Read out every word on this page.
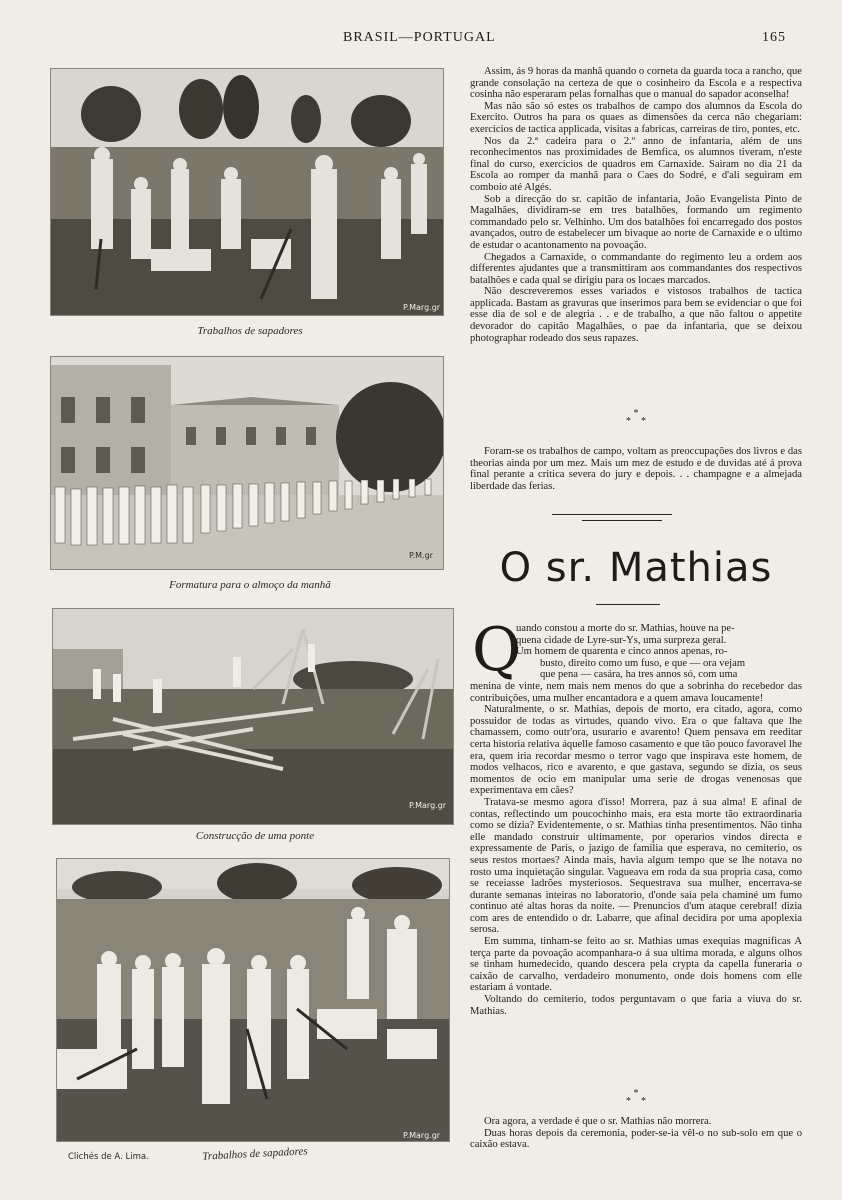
BRASIL—PORTUGAL	165
P.Marg.gr
Trabalhos de sapadores
P.M.gr
Formatura para o almoço da manhã
P.Marg.gr
Construcção de uma ponte
P.Marg.gr
Clichés de A. Lima.	Trabalhos de sapadores

Assim, ás 9 horas da manhã quando o corneta da guarda toca a rancho, que grande consolação na certeza de que o cosinheiro da Escola e a respectiva cosinha não esperaram pelas fornalhas que o manual do sapador aconselha!

Mas não são só estes os trabalhos de campo dos alumnos da Escola do Exercito. Outros ha para os quaes as dimensões da cerca não chegariam: exercicios de tactica applicada, visitas a fabricas, carreiras de tiro, pontes, etc.

Nos da 2.ª cadeira para o 2.º anno de infantaria, além de uns reconhecimentos nas proximidades de Bemfica, os alumnos tiveram, n'este final do curso, exercicios de quadros em Carnaxide. Sairam no dia 21 da Escola ao romper da manhã para o Caes do Sodré, e d'ali seguiram em comboio até Algés.

Sob a direcção do sr. capitão de infantaria, João Evangelista Pinto de Magalhães, dividiram-se em tres batalhões, formando um regimento commandado pelo sr. Velhinho. Um dos batalhões foi encarregado dos postos avançados, outro de estabelecer um bivaque ao norte de Carnaxide e o ultimo de estudar o acantonamento na povoação.

Chegados a Carnaxide, o commandante do regimento leu a ordem aos differentes ajudantes que a transmittiram aos commandantes dos respectivos batalhões e cada qual se dirigiu para os locaes marcados.

Não descreveremos esses variados e vistosos trabalhos de tactica applicada. Bastam as gravuras que inserimos para bem se evidenciar o que foi esse dia de sol e de alegria . . e de trabalho, a que não faltou o appetite devorador do capitão Magalhães, o pae da infantaria, que se deixou photographar rodeado dos seus rapazes.

*
*    *

Foram-se os trabalhos de campo, voltam as preoccupações dos livros e das theorias ainda por um mez. Mais um mez de estudo e de duvidas até á prova final perante a critica severa do jury e depois. . . champagne e a almejada liberdade das ferias.

O sr. Mathias
Q

uando constou a morte do sr. Mathias, houve na pe-

quena cidade de Lyre-sur-Ys, uma surpreza geral.

Um homem de quarenta e cinco annos apenas, ro-

busto, direito como um fuso, e que — ora vejam

que pena — casára, ha tres annos só, com uma

menina de vinte, nem mais nem menos do que a sobrinha do recebedor das contribuições, uma mulher encantadora e a quem amava loucamente!

Naturalmente, o sr. Mathias, depois de morto, era citado, agora, como possuidor de todas as virtudes, quando vivo. Era o que faltava que lhe chamassem, como outr'ora, usurario e avarento! Quem pensava em reeditar certa historia relativa áquelle famoso casamento e que tão pouco favoravel lhe era, quem iria recordar mesmo o terror vago que inspirava este homem, de modos velhacos, rico e avarento, e que gastava, segundo se dizia, os seus momentos de ocio em manipular uma serie de drogas venenosas que experimentava em cães?

Tratava-se mesmo agora d'isso! Morrera, paz á sua alma! E afinal de contas, reflectindo um poucochinho mais, era esta morte tão extraordinaria como se dizia? Evidentemente, o sr. Mathias tinha presentimentos. Não tinha elle mandado construir ultimamente, por operarios vindos directa e expressamente de Paris, o jazigo de familia que esperava, no cemiterio, os seus restos mortaes? Ainda mais, havia algum tempo que se lhe notava no rosto uma inquietação singular. Vagueava em roda da sua propria casa, como se receiasse ladrões mysteriosos. Sequestrava sua mulher, encerrava-se durante semanas inteiras no laboratorio, d'onde saia pela chaminé um fumo continuo até altas horas da noite. — Prenuncios d'um ataque cerebral! dizia com ares de entendido o dr. Labarre, que afinal decidira por uma apoplexia serosa.

Em summa, tinham-se feito ao sr. Mathias umas exequias magnificas A terça parte da povoação acompanhara-o á sua ultima morada, e alguns olhos se tinham humedecido, quando descera pela crypta da capella funeraria o caixão de carvalho, verdadeiro monumento, onde dois homens com elle estariam á vontade.

Voltando do cemiterio, todos perguntavam o que faria a viuva do sr. Mathias.

*
*    *

Ora agora, a verdade é que o sr. Mathias não morrera.

Duas horas depois da ceremonia, poder-se-ia vêl-o no sub-solo em que o caixão estava.
